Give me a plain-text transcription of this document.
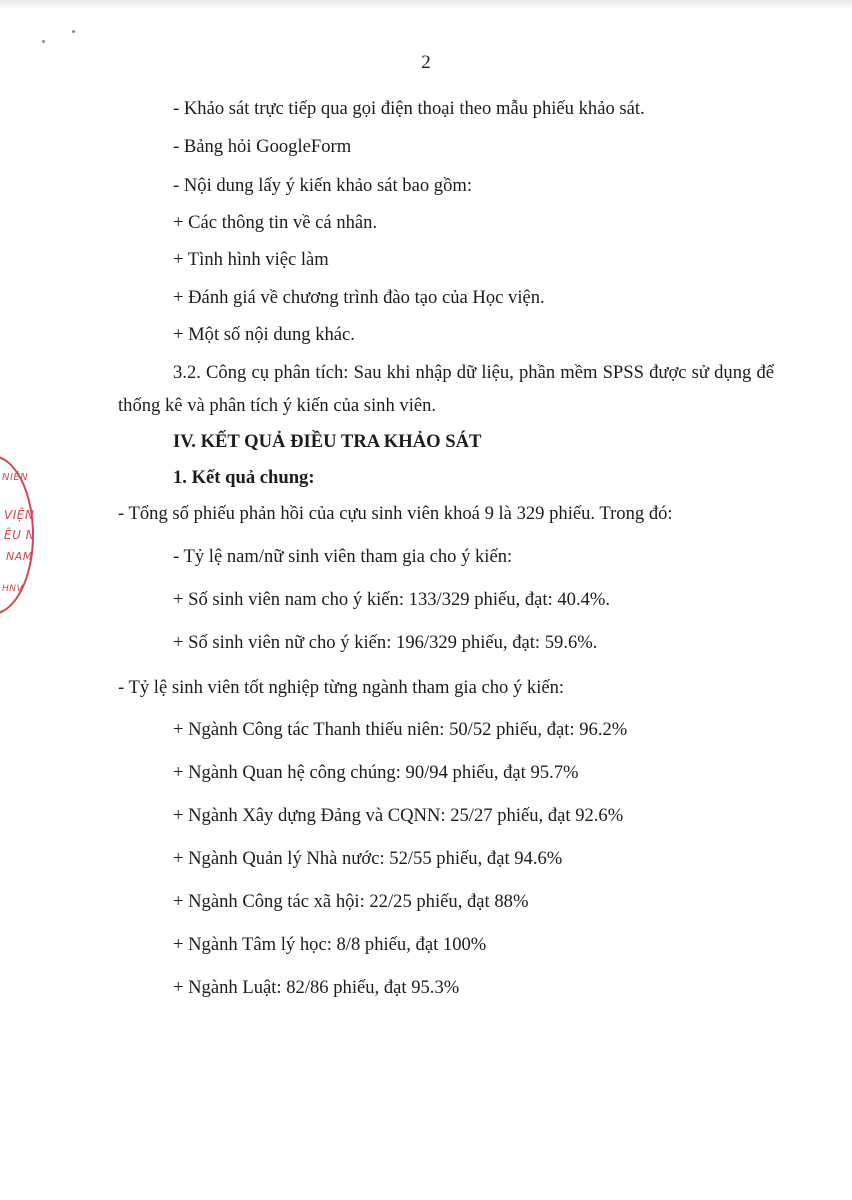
NIÊN
VIỆN
ÊU N
NAM
HNV
2
- Khảo sát trực tiếp qua gọi điện thoại theo mẫu phiếu khảo sát.
- Bảng hỏi GoogleForm
- Nội dung lấy ý kiến khảo sát bao gồm:
+ Các thông tin về cá nhân.
+ Tình hình việc làm
+ Đánh giá về chương trình đào tạo của Học viện.
+ Một số nội dung khác.

3.2. Công cụ phân tích: Sau khi nhập dữ liệu, phần mềm SPSS được sử dụng để thống kê và phân tích ý kiến của sinh viên.

IV. KẾT QUẢ ĐIỀU TRA KHẢO SÁT
1. Kết quả chung:
- Tổng số phiếu phản hồi của cựu sinh viên khoá 9 là 329 phiếu. Trong đó:
- Tỷ lệ nam/nữ sinh viên tham gia cho ý kiến:
+ Số sinh viên nam cho ý kiến: 133/329 phiếu, đạt: 40.4%.
+ Số sinh viên nữ cho ý kiến: 196/329 phiếu, đạt: 59.6%.
- Tỷ lệ sinh viên tốt nghiệp từng ngành tham gia cho ý kiến:
+ Ngành Công tác Thanh thiếu niên: 50/52 phiếu, đạt: 96.2%
+ Ngành Quan hệ công chúng: 90/94 phiếu, đạt 95.7%
+ Ngành Xây dựng Đảng và CQNN: 25/27 phiếu, đạt 92.6%
+ Ngành Quản lý Nhà nước: 52/55 phiếu, đạt 94.6%
+ Ngành Công tác xã hội: 22/25 phiếu, đạt 88%
+ Ngành Tâm lý học: 8/8 phiếu, đạt 100%
+ Ngành Luật: 82/86 phiếu, đạt 95.3%
